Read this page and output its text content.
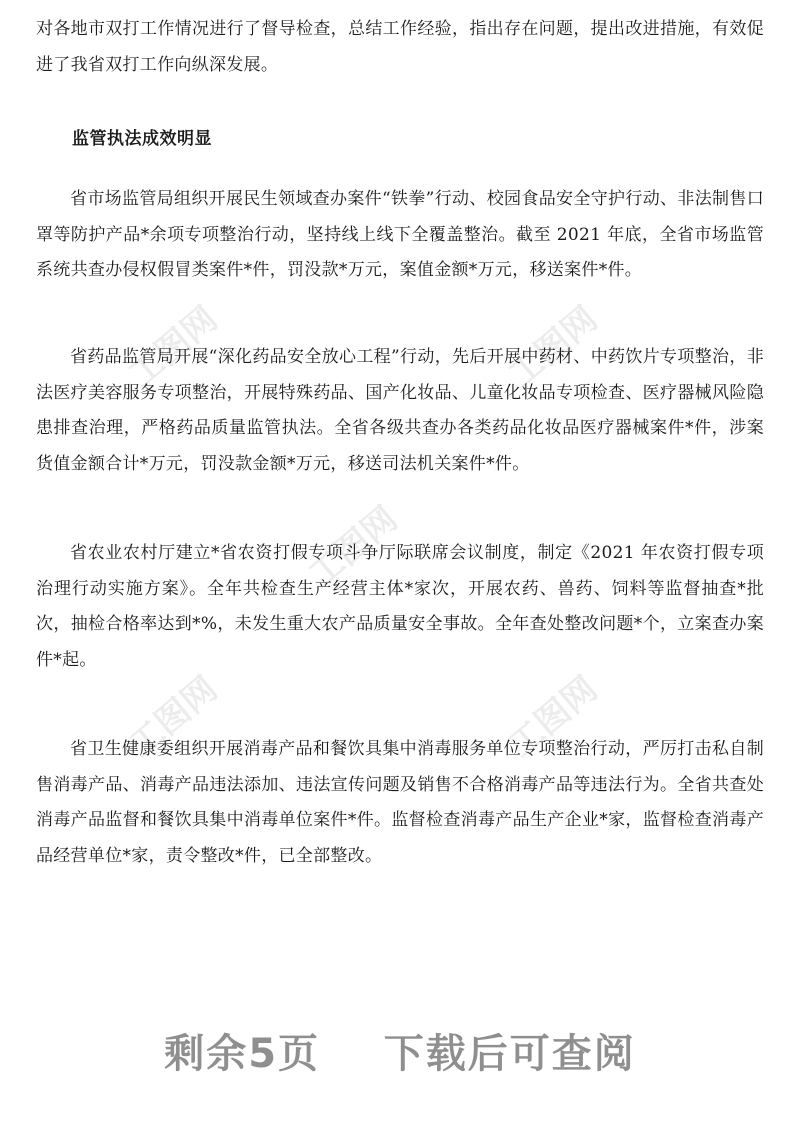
工图网	工图网
工图网
工图网	工图网

对各地市双打工作情况进行了督导检查，总结工作经验，指出存在问题，提出改进措施，有效促进了我省双打工作向纵深发展。

监管执法成效明显

省市场监管局组织开展民生领域查办案件“铁拳”行动、校园食品安全守护行动、非法制售口罩等防护产品*余项专项整治行动，坚持线上线下全覆盖整治。截至 2021 年底，全省市场监管系统共查办侵权假冒类案件*件，罚没款*万元，案值金额*万元，移送案件*件。

省药品监管局开展“深化药品安全放心工程”行动，先后开展中药材、中药饮片专项整治，非法医疗美容服务专项整治，开展特殊药品、国产化妆品、儿童化妆品专项检查、医疗器械风险隐患排查治理，严格药品质量监管执法。全省各级共查办各类药品化妆品医疗器械案件*件，涉案货值金额合计*万元，罚没款金额*万元，移送司法机关案件*件。

省农业农村厅建立*省农资打假专项斗争厅际联席会议制度，制定《2021 年农资打假专项治理行动实施方案》。全年共检查生产经营主体*家次，开展农药、兽药、饲料等监督抽查*批次，抽检合格率达到*%，未发生重大农产品质量安全事故。全年查处整改问题*个，立案查办案件*起。

省卫生健康委组织开展消毒产品和餐饮具集中消毒服务单位专项整治行动，严厉打击私自制售消毒产品、消毒产品违法添加、违法宣传问题及销售不合格消毒产品等违法行为。全省共查处消毒产品监督和餐饮具集中消毒单位案件*件。监督检查消毒产品生产企业*家，监督检查消毒产品经营单位*家，责令整改*件，已全部整改。

剩余5页    下载后可查阅
